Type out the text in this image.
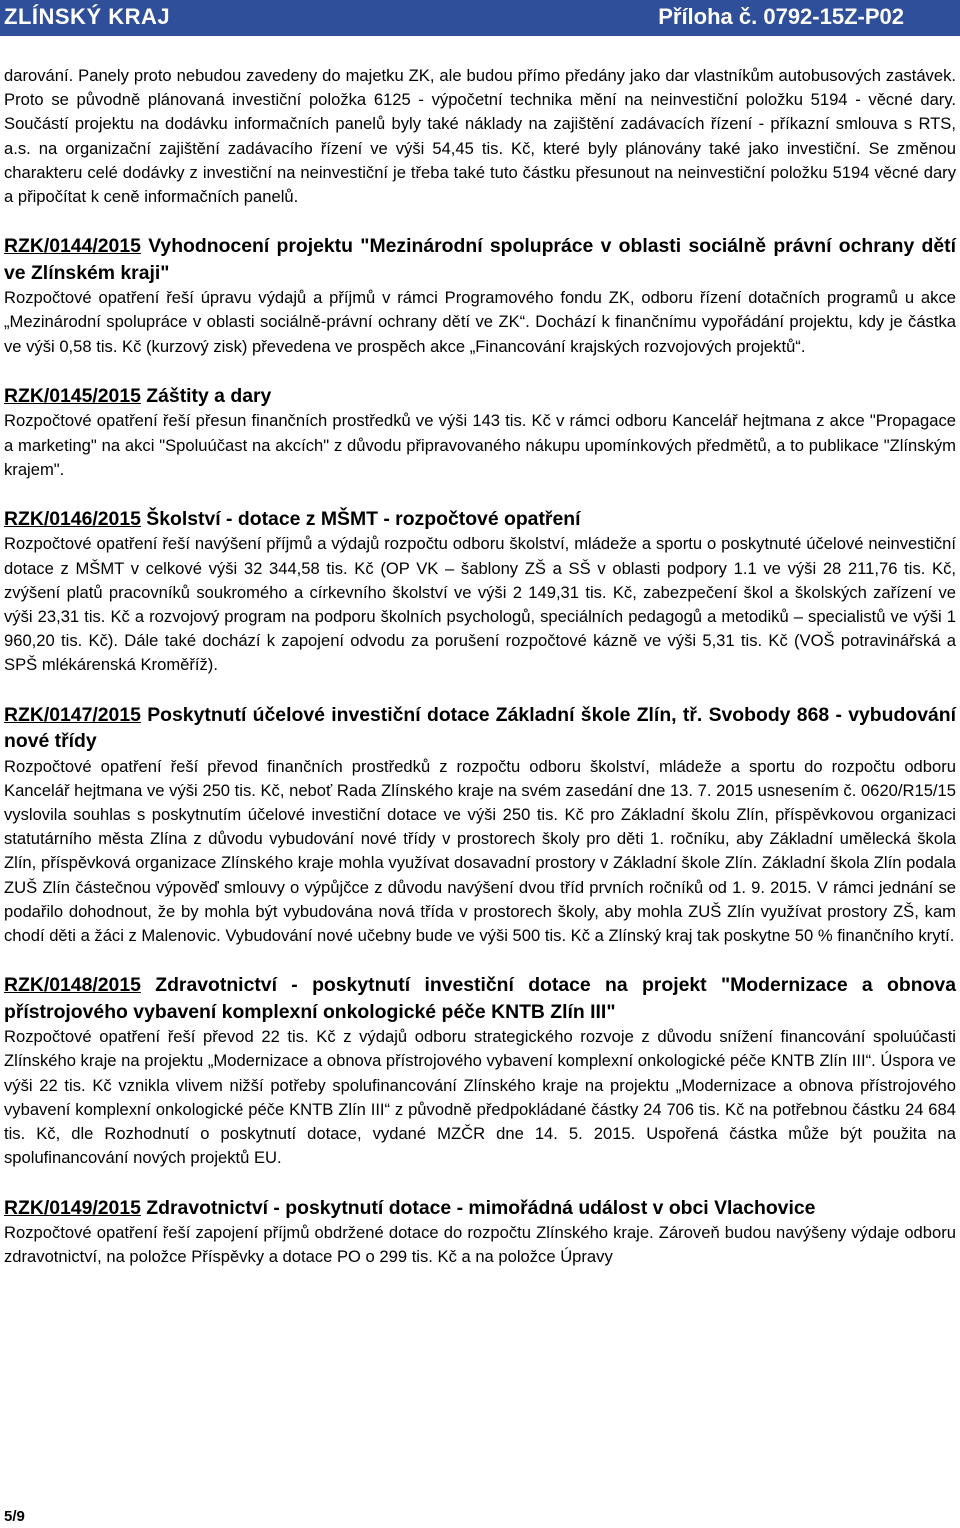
ZLÍNSKÝ KRAJ	Příloha č. 0792-15Z-P02

darování. Panely proto nebudou zavedeny do majetku ZK, ale budou přímo předány jako dar vlastníkům autobusových zastávek. Proto se původně plánovaná investiční položka 6125 - výpočetní technika mění na neinvestiční položku 5194 - věcné dary. Součástí projektu na dodávku informačních panelů byly také náklady na zajištění zadávacích řízení - příkazní smlouva s RTS, a.s. na organizační zajištění zadávacího řízení ve výši 54,45 tis. Kč, které byly plánovány také jako investiční. Se změnou charakteru celé dodávky z investiční na neinvestiční je třeba také tuto částku přesunout na neinvestiční položku 5194 věcné dary a připočítat k ceně informačních panelů.

RZK/0144/2015 Vyhodnocení projektu "Mezinárodní spolupráce v oblasti sociálně právní ochrany dětí ve Zlínském kraji"

Rozpočtové opatření řeší úpravu výdajů a příjmů v rámci Programového fondu ZK, odboru řízení dotačních programů u akce „Mezinárodní spolupráce v oblasti sociálně-právní ochrany dětí ve ZK“. Dochází k finančnímu vypořádání projektu, kdy je částka ve výši 0,58 tis. Kč (kurzový zisk) převedena ve prospěch akce „Financování krajských rozvojových projektů“.

RZK/0145/2015 Záštity a dary

Rozpočtové opatření řeší přesun finančních prostředků ve výši 143 tis. Kč v rámci odboru Kancelář hejtmana z akce "Propagace a marketing" na akci "Spoluúčast na akcích" z důvodu připravovaného nákupu upomínkových předmětů, a to publikace "Zlínským krajem".

RZK/0146/2015 Školství - dotace z MŠMT - rozpočtové opatření

Rozpočtové opatření řeší navýšení příjmů a výdajů rozpočtu odboru školství, mládeže a sportu o poskytnuté účelové neinvestiční dotace z MŠMT v celkové výši 32 344,58 tis. Kč (OP VK – šablony ZŠ a SŠ v oblasti podpory 1.1 ve výši 28 211,76 tis. Kč, zvýšení platů pracovníků soukromého a církevního školství ve výši 2 149,31 tis. Kč, zabezpečení škol a školských zařízení ve výši 23,31 tis. Kč a rozvojový program na podporu školních psychologů, speciálních pedagogů a metodiků – specialistů ve výši 1 960,20 tis. Kč). Dále také dochází k zapojení odvodu za porušení rozpočtové kázně ve výši 5,31 tis. Kč (VOŠ potravinářská a SPŠ mlékárenská Kroměříž).

RZK/0147/2015 Poskytnutí účelové investiční dotace Základní škole Zlín, tř. Svobody 868 - vybudování nové třídy

Rozpočtové opatření řeší převod finančních prostředků z rozpočtu odboru školství, mládeže a sportu do rozpočtu odboru Kancelář hejtmana ve výši 250 tis. Kč, neboť Rada Zlínského kraje na svém zasedání dne 13. 7. 2015 usnesením č. 0620/R15/15 vyslovila souhlas s poskytnutím účelové investiční dotace ve výši 250 tis. Kč pro Základní školu Zlín, příspěvkovou organizaci statutárního města Zlína z důvodu vybudování nové třídy v prostorech školy pro děti 1. ročníku, aby Základní umělecká škola Zlín, příspěvková organizace Zlínského kraje mohla využívat dosavadní prostory v Základní škole Zlín. Základní škola Zlín podala ZUŠ Zlín částečnou výpověď smlouvy o výpůjčce z důvodu navýšení dvou tříd prvních ročníků od 1. 9. 2015. V rámci jednání se podařilo dohodnout, že by mohla být vybudována nová třída v prostorech školy, aby mohla ZUŠ Zlín využívat prostory ZŠ, kam chodí děti a žáci z Malenovic. Vybudování nové učebny bude ve výši 500 tis. Kč a Zlínský kraj tak poskytne 50 % finančního krytí.

RZK/0148/2015 Zdravotnictví - poskytnutí investiční dotace na projekt "Modernizace a obnova přístrojového vybavení komplexní onkologické péče KNTB Zlín III"

Rozpočtové opatření řeší převod 22 tis. Kč z výdajů odboru strategického rozvoje z důvodu snížení financování spoluúčasti Zlínského kraje na projektu „Modernizace a obnova přístrojového vybavení komplexní onkologické péče KNTB Zlín III“. Úspora ve výši 22 tis. Kč vznikla vlivem nižší potřeby spolufinancování Zlínského kraje na projektu „Modernizace a obnova přístrojového vybavení komplexní onkologické péče KNTB Zlín III“ z původně předpokládané částky 24 706 tis. Kč na potřebnou částku 24 684 tis. Kč, dle Rozhodnutí o poskytnutí dotace, vydané MZČR dne 14. 5. 2015. Uspořená částka může být použita na spolufinancování nových projektů EU.

RZK/0149/2015 Zdravotnictví - poskytnutí dotace - mimořádná událost v obci Vlachovice

Rozpočtové opatření řeší zapojení příjmů obdržené dotace do rozpočtu Zlínského kraje. Zároveň budou navýšeny výdaje odboru zdravotnictví, na položce Příspěvky a dotace PO o 299 tis. Kč a na položce Úpravy

5/9
